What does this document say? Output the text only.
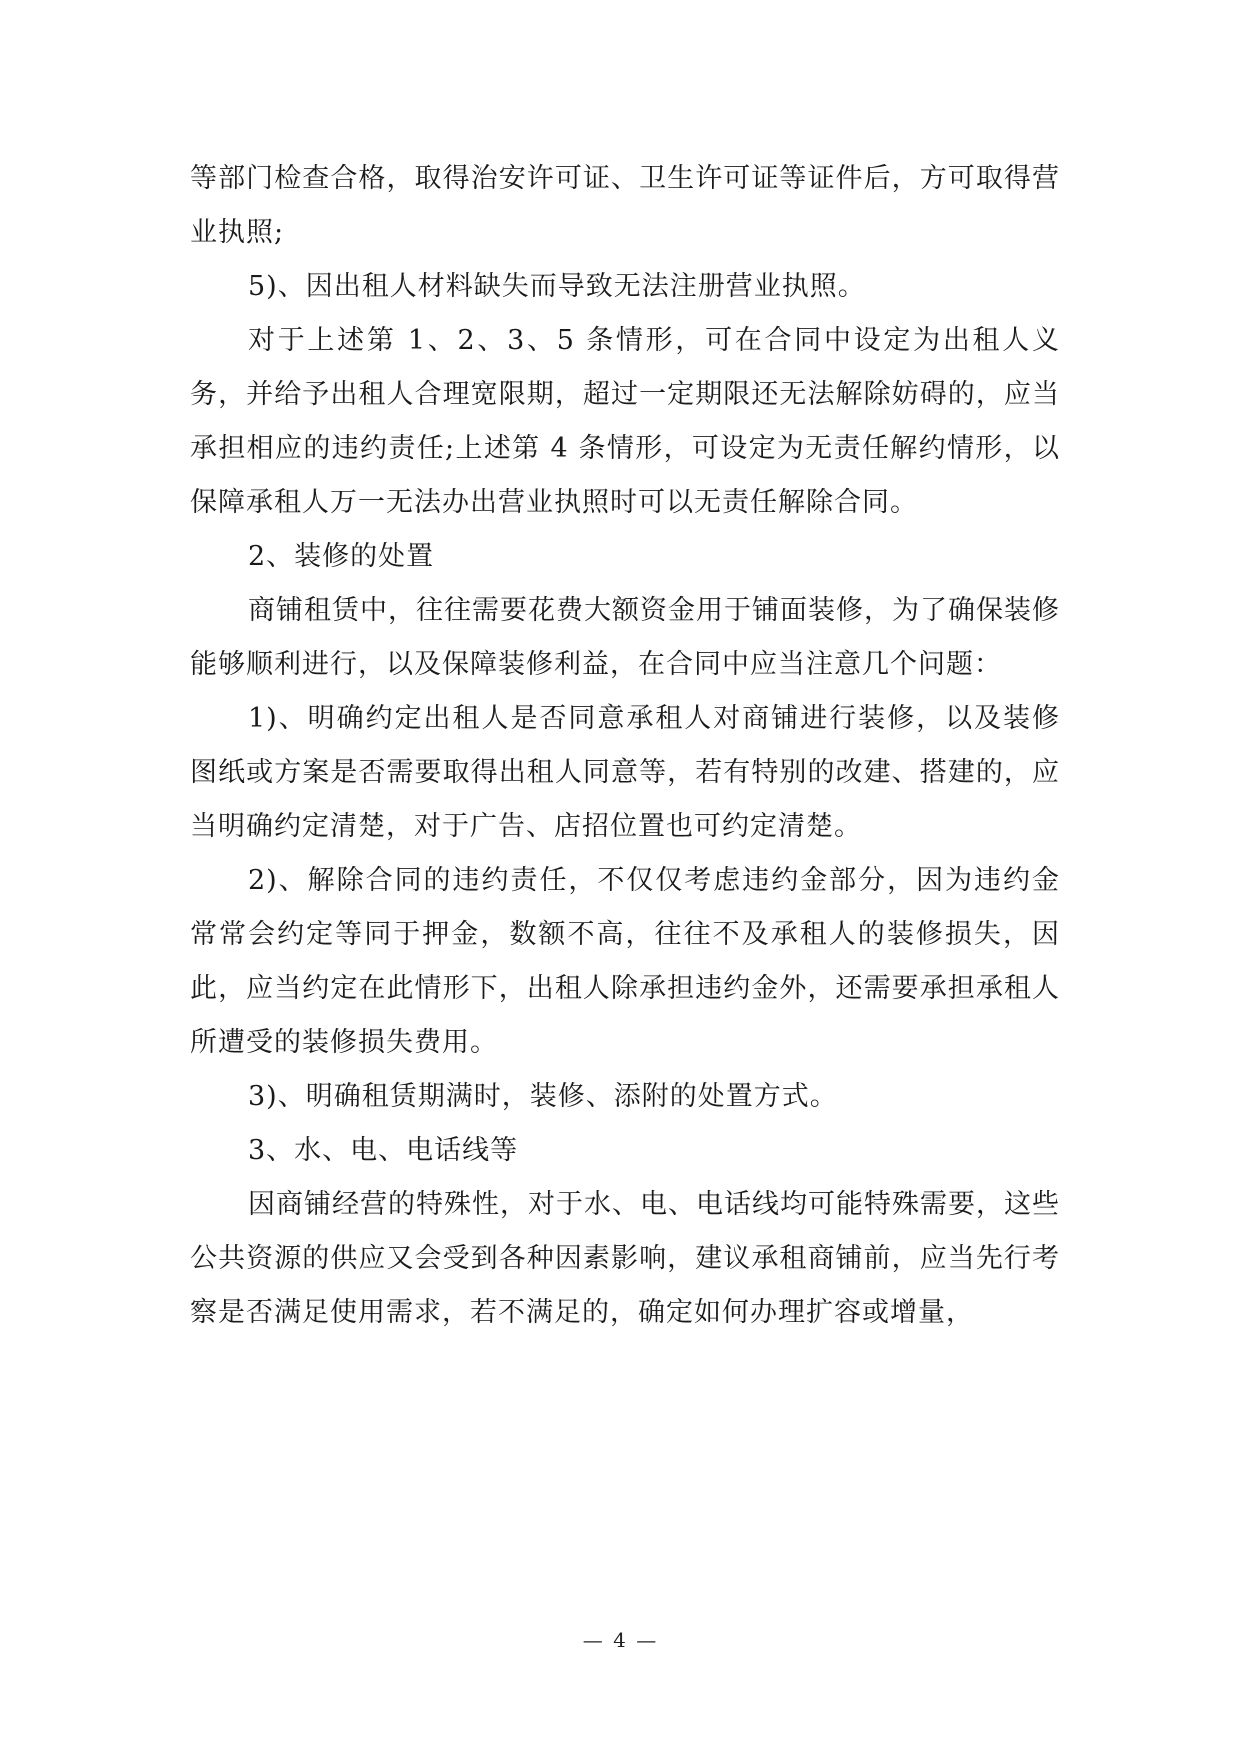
等部门检查合格，取得治安许可证、卫生许可证等证件后，方可取得营业执照;

5)、因出租人材料缺失而导致无法注册营业执照。

对于上述第 1、2、3、5 条情形，可在合同中设定为出租人义务，并给予出租人合理宽限期，超过一定期限还无法解除妨碍的，应当承担相应的违约责任;上述第 4 条情形，可设定为无责任解约情形，以保障承租人万一无法办出营业执照时可以无责任解除合同。

2、装修的处置

商铺租赁中，往往需要花费大额资金用于铺面装修，为了确保装修能够顺利进行，以及保障装修利益，在合同中应当注意几个问题：

1)、明确约定出租人是否同意承租人对商铺进行装修，以及装修图纸或方案是否需要取得出租人同意等，若有特别的改建、搭建的，应当明确约定清楚，对于广告、店招位置也可约定清楚。

2)、解除合同的违约责任，不仅仅考虑违约金部分，因为违约金常常会约定等同于押金，数额不高，往往不及承租人的装修损失，因此，应当约定在此情形下，出租人除承担违约金外，还需要承担承租人所遭受的装修损失费用。

3)、明确租赁期满时，装修、添附的处置方式。

3、水、电、电话线等

因商铺经营的特殊性，对于水、电、电话线均可能特殊需要，这些公共资源的供应又会受到各种因素影响，建议承租商铺前，应当先行考察是否满足使用需求，若不满足的，确定如何办理扩容或增量，

— 4 —
